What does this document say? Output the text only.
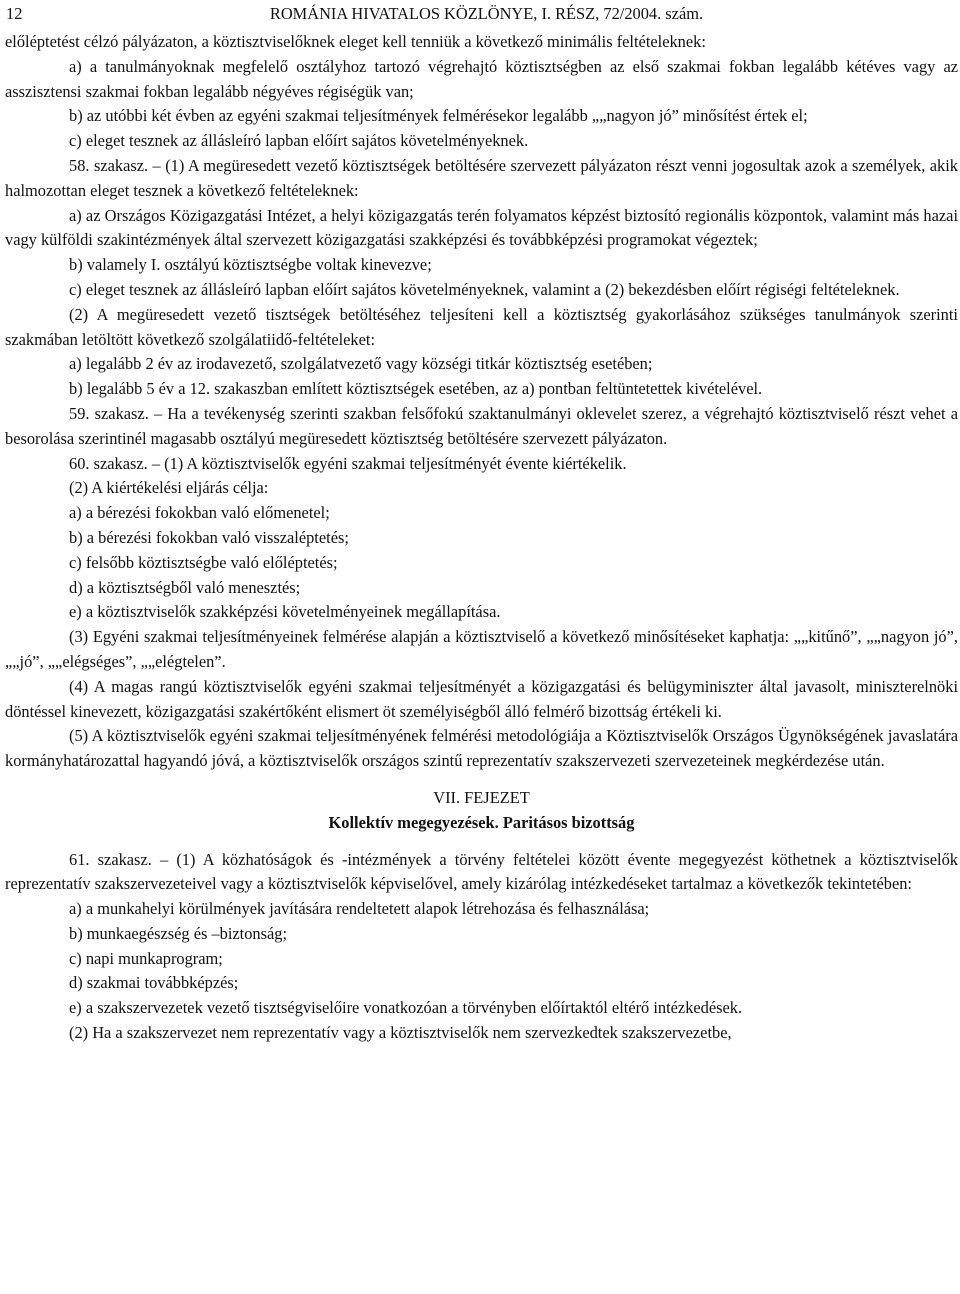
12	ROMÁNIA HIVATALOS KÖZLÖNYE, I. RÉSZ, 72/2004. szám.

előléptetést célzó pályázaton, a köztisztviselőknek eleget kell tenniük a következő minimális feltételeknek:

a) a tanulmányoknak megfelelő osztályhoz tartozó végrehajtó köztisztségben az első szakmai fokban legalább kétéves vagy az asszisztensi szakmai fokban legalább négyéves régiségük van;

b) az utóbbi két évben az egyéni szakmai teljesítmények felmérésekor legalább „„nagyon jó” minősítést értek el;

c) eleget tesznek az állásleíró lapban előírt sajátos követelményeknek.

58. szakasz. – (1) A megüresedett vezető köztisztségek betöltésére szervezett pályázaton részt venni jogosultak azok a személyek, akik halmozottan eleget tesznek a következő feltételeknek:

a) az Országos Közigazgatási Intézet, a helyi közigazgatás terén folyamatos képzést biztosító regionális központok, valamint más hazai vagy külföldi szakintézmények által szervezett közigazgatási szakképzési és továbbképzési programokat végeztek;

b) valamely I. osztályú köztisztségbe voltak kinevezve;

c) eleget tesznek az állásleíró lapban előírt sajátos követelményeknek, valamint a (2) bekezdésben előírt régiségi feltételeknek.

(2) A megüresedett vezető tisztségek betöltéséhez teljesíteni kell a köztisztség gyakorlásához szükséges tanulmányok szerinti szakmában letöltött következő szolgálatiidő-feltételeket:

a) legalább 2 év az irodavezető, szolgálatvezető vagy községi titkár köztisztség esetében;

b) legalább 5 év a 12. szakaszban említett köztisztségek esetében, az a) pontban feltüntetettek kivételével.

59. szakasz. – Ha a tevékenység szerinti szakban felsőfokú szaktanulmányi oklevelet szerez, a végrehajtó köztisztviselő részt vehet a besorolása szerintinél magasabb osztályú megüresedett köztisztség betöltésére szervezett pályázaton.

60. szakasz. – (1) A köztisztviselők egyéni szakmai teljesítményét évente kiértékelik.

(2) A kiértékelési eljárás célja:

a) a bérezési fokokban való előmenetel;

b) a bérezési fokokban való visszaléptetés;

c) felsőbb köztisztségbe való előléptetés;

d) a köztisztségből való menesztés;

e) a köztisztviselők szakképzési követelményeinek megállapítása.

(3) Egyéni szakmai teljesítményeinek felmérése alapján a köztisztviselő a következő minősítéseket kaphatja: „„kitűnő”, „„nagyon jó”, „„jó”, „„elégséges”, „„elégtelen”.

(4) A magas rangú köztisztviselők egyéni szakmai teljesítményét a közigazgatási és belügyminiszter által javasolt, miniszterelnöki döntéssel kinevezett, közigazgatási szakértőként elismert öt személyiségből álló felmérő bizottság értékeli ki.

(5) A köztisztviselők egyéni szakmai teljesítményének felmérési metodológiája a Köztisztviselők Országos Ügynökségének javaslatára kormányhatározattal hagyandó jóvá, a köztisztviselők országos szintű reprezentatív szakszervezeti szervezeteinek megkérdezése után.

VII. FEJEZET
Kollektív megegyezések. Paritásos bizottság

61. szakasz. – (1) A közhatóságok és -intézmények a törvény feltételei között évente megegyezést köthetnek a köztisztviselők reprezentatív szakszervezeteivel vagy a köztisztviselők képviselővel, amely kizárólag intézkedéseket tartalmaz a következők tekintetében:

a) a munkahelyi körülmények javítására rendeltetett alapok létrehozása és felhasználása;

b) munkaegészség és –biztonság;

c) napi munkaprogram;

d) szakmai továbbképzés;

e) a szakszervezetek vezető tisztségviselőire vonatkozóan a törvényben előírtaktól eltérő intézkedések.

(2) Ha a szakszervezet nem reprezentatív vagy a köztisztviselők nem szervezkedtek szakszervezetbe,
